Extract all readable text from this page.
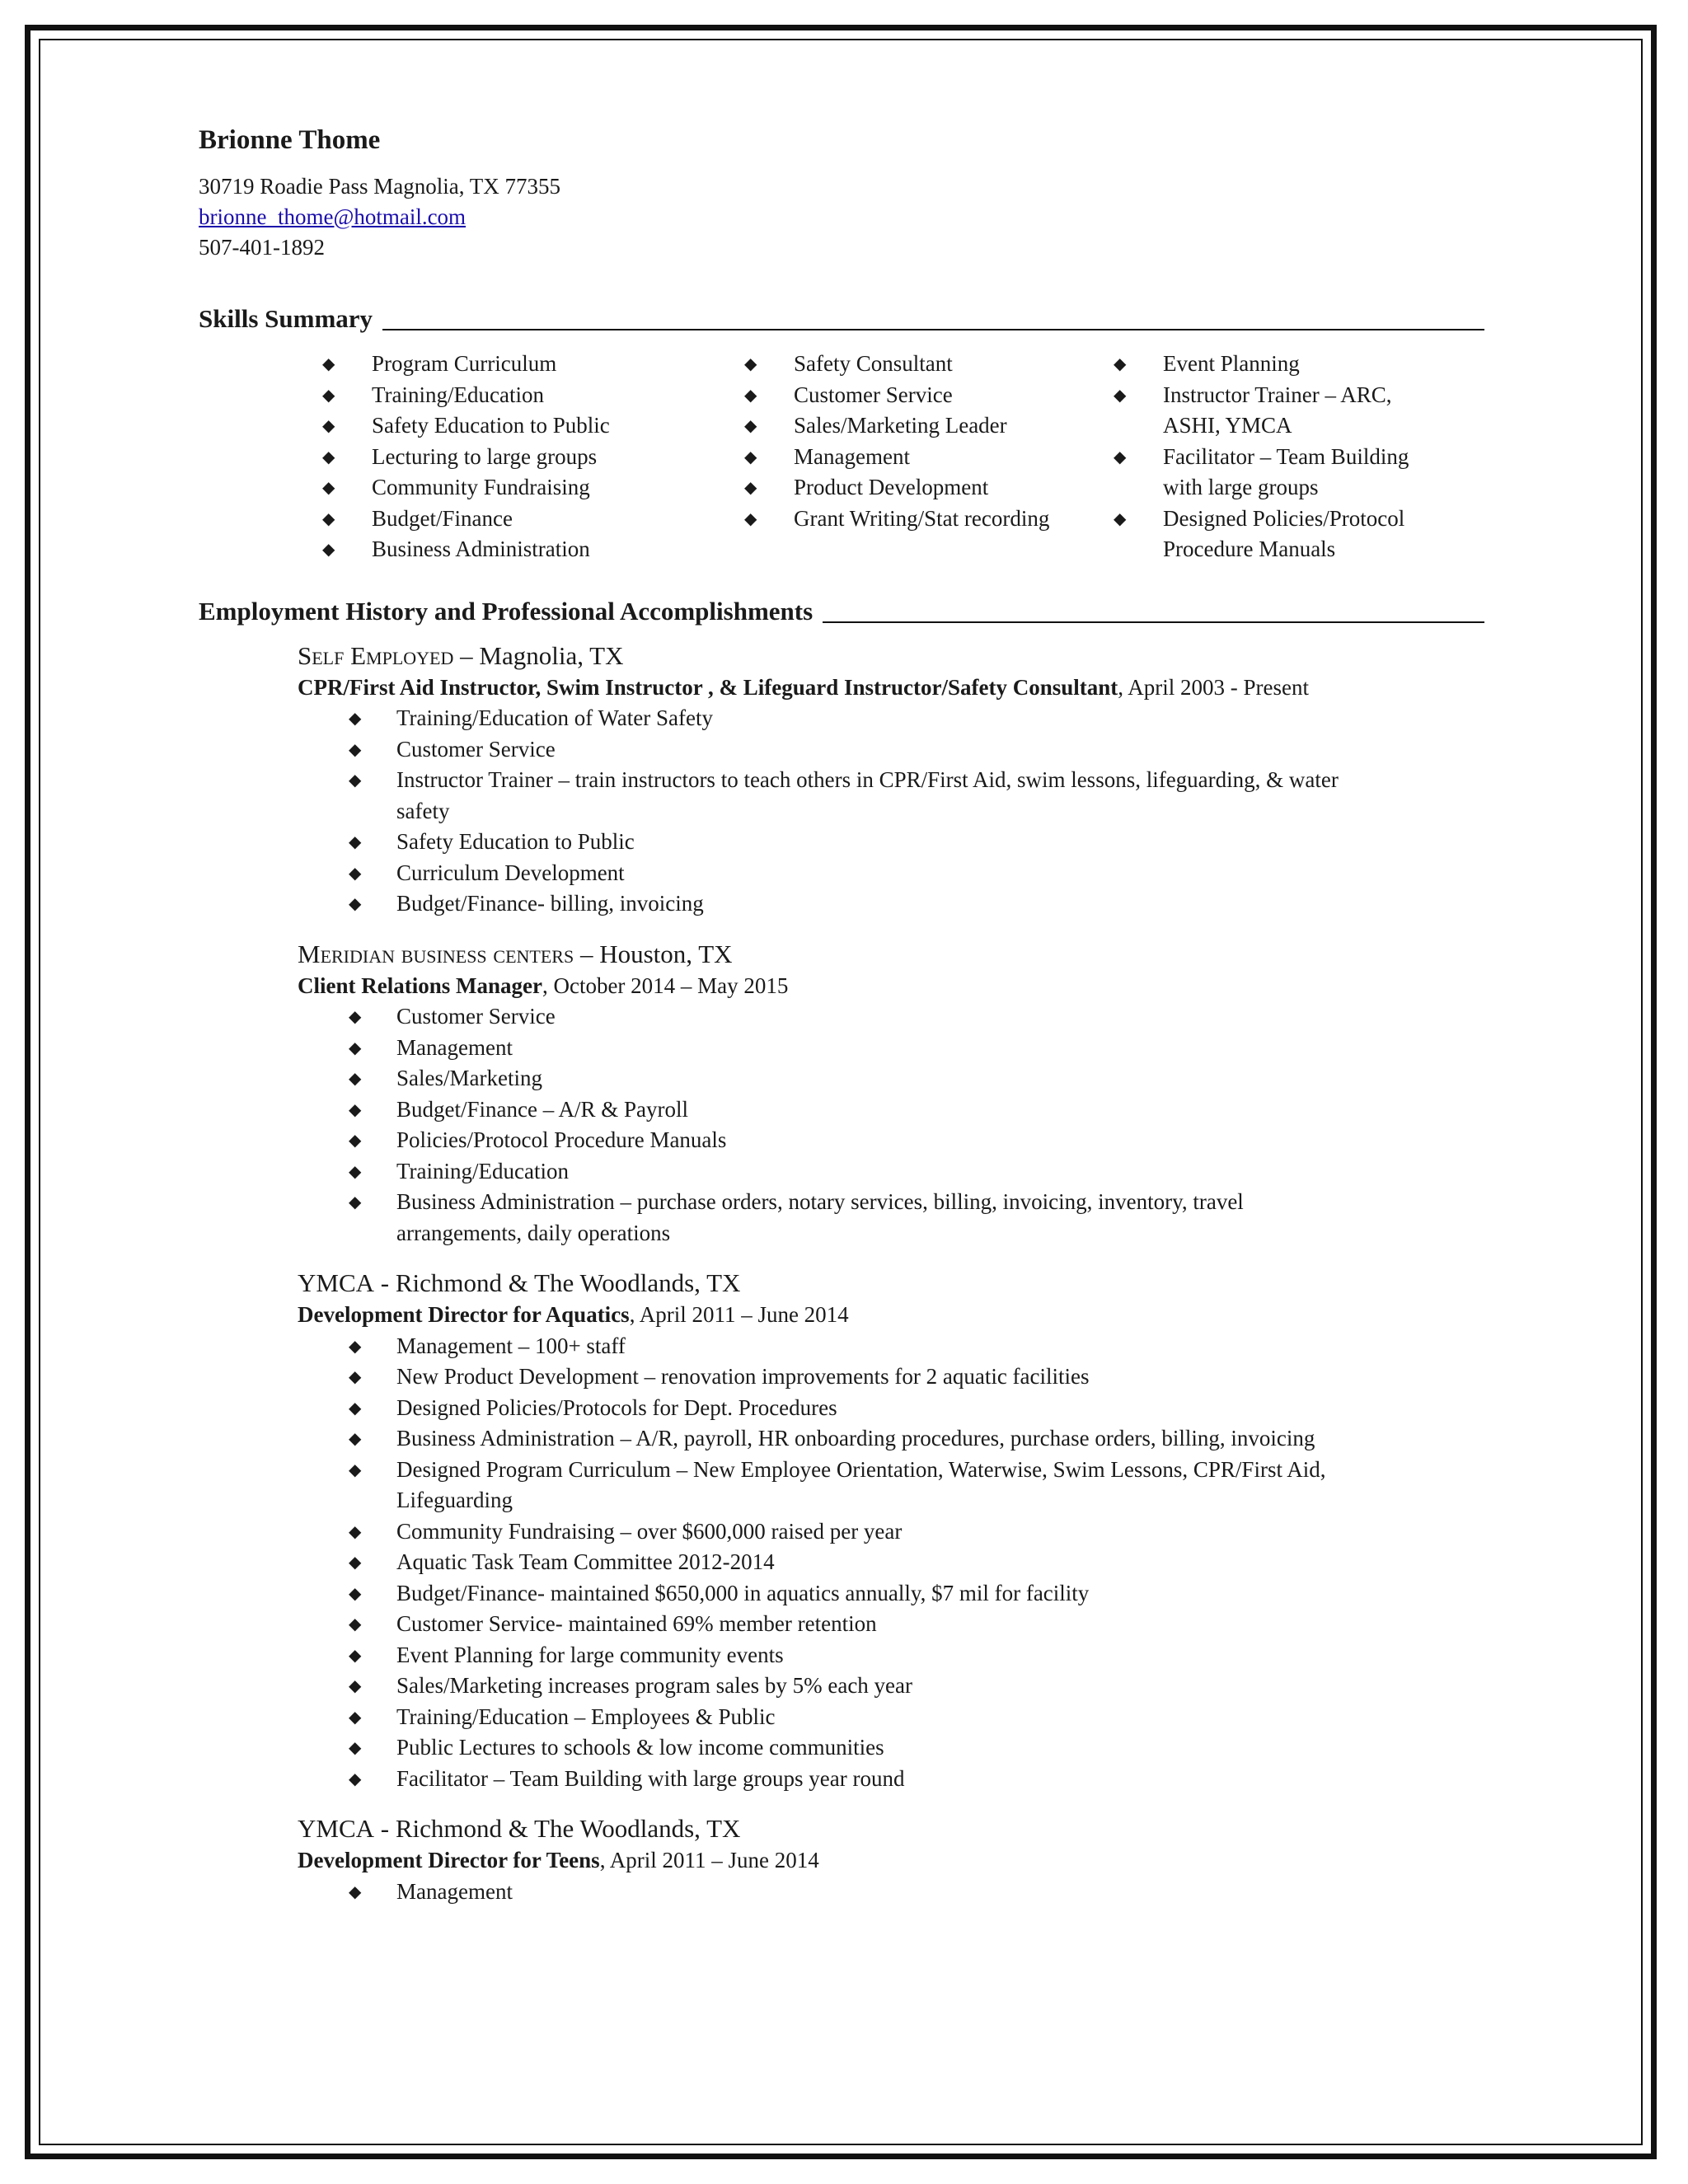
Brionne Thome
30719 Roadie Pass Magnolia, TX 77355
brionne_thome@hotmail.com
507-401-1892
Skills Summary
◆ Program Curriculum
◆ Training/Education
◆ Safety Education to Public
◆ Lecturing to large groups
◆ Community Fundraising
◆ Budget/Finance
◆ Business Administration
◆ Safety Consultant
◆ Customer Service
◆ Sales/Marketing Leader
◆ Management
◆ Product Development
◆ Grant Writing/Stat recording
◆ Event Planning
◆ Instructor Trainer – ARC, ASHI, YMCA
◆ Facilitator – Team Building with large groups
◆ Designed Policies/Protocol Procedure Manuals
Employment History and Professional Accomplishments
Self Employed – Magnolia, TX
CPR/First Aid Instructor, Swim Instructor , & Lifeguard Instructor/Safety Consultant, April 2003 - Present
◆ Training/Education of Water Safety
◆ Customer Service
◆ Instructor Trainer – train instructors to teach others in CPR/First Aid, swim lessons, lifeguarding, & water safety
◆ Safety Education to Public
◆ Curriculum Development
◆ Budget/Finance- billing, invoicing
Meridian business centers – Houston, TX
Client Relations Manager, October 2014 – May 2015
◆ Customer Service
◆ Management
◆ Sales/Marketing
◆ Budget/Finance – A/R & Payroll
◆ Policies/Protocol Procedure Manuals
◆ Training/Education
◆ Business Administration – purchase orders, notary services, billing, invoicing, inventory, travel arrangements, daily operations
YMCA - Richmond & The Woodlands, TX
Development Director for Aquatics, April 2011 – June 2014
◆ Management – 100+ staff
◆ New Product Development – renovation improvements for 2 aquatic facilities
◆ Designed Policies/Protocols for Dept. Procedures
◆ Business Administration – A/R, payroll, HR onboarding procedures, purchase orders, billing, invoicing
◆ Designed Program Curriculum – New Employee Orientation, Waterwise, Swim Lessons, CPR/First Aid, Lifeguarding
◆ Community Fundraising – over $600,000 raised per year
◆ Aquatic Task Team Committee 2012-2014
◆ Budget/Finance- maintained $650,000 in aquatics annually, $7 mil for facility
◆ Customer Service- maintained 69% member retention
◆ Event Planning for large community events
◆ Sales/Marketing increases program sales by 5% each year
◆ Training/Education – Employees & Public
◆ Public Lectures to schools & low income communities
◆ Facilitator – Team Building with large groups year round
YMCA - Richmond & The Woodlands, TX
Development Director for Teens, April 2011 – June 2014
◆ Management
